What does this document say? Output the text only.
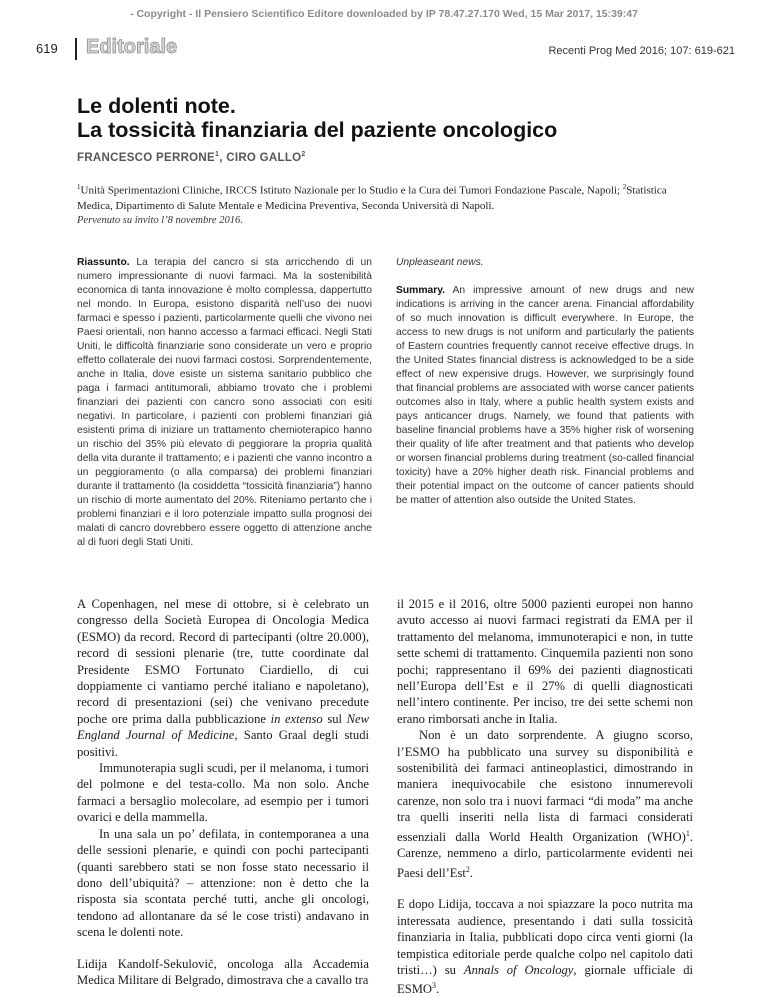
- Copyright - Il Pensiero Scientifico Editore downloaded by IP 78.47.27.170 Wed, 15 Mar 2017, 15:39:47
619 Editoriale	Recenti Prog Med 2016; 107: 619-621
Le dolenti note.
La tossicità finanziaria del paziente oncologico
FRANCESCO PERRONE$^1$, CIRO GALLO$^2$
$^1$Unità Sperimentazioni Cliniche, IRCCS Istituto Nazionale per lo Studio e la Cura dei Tumori Fondazione Pascale, Napoli; $^2$Statistica Medica, Dipartimento di Salute Mentale e Medicina Preventiva, Seconda Università di Napoli.
Pervenuto su invito l’8 novembre 2016.
Riassunto. La terapia del cancro si sta arricchendo di un numero impressionante di nuovi farmaci. Ma la sostenibilità economica di tanta innovazione è molto complessa, dappertutto nel mondo. In Europa, esistono disparità nell’uso dei nuovi farmaci e spesso i pazienti, particolarmente quelli che vivono nei Paesi orientali, non hanno accesso a farmaci efficaci. Negli Stati Uniti, le difficoltà finanziarie sono considerate un vero e proprio effetto collaterale dei nuovi farmaci costosi. Sorprendentemente, anche in Italia, dove esiste un sistema sanitario pubblico che paga i farmaci antitumorali, abbiamo trovato che i problemi finanziari dei pazienti con cancro sono associati con esiti negativi. In particolare, i pazienti con problemi finanziari già esistenti prima di iniziare un trattamento chemioterapico hanno un rischio del 35% più elevato di peggiorare la propria qualità della vita durante il trattamento; e i pazienti che vanno incontro a un peggioramento (o alla comparsa) dei problemi finanziari durante il trattamento (la cosiddetta “tossicità finanziaria”) hanno un rischio di morte aumentato del 20%. Riteniamo pertanto che i problemi finanziari e il loro potenziale impatto sulla prognosi dei malati di cancro dovrebbero essere oggetto di attenzione anche al di fuori degli Stati Uniti.
Unpleaseant news.
Summary. An impressive amount of new drugs and new indications is arriving in the cancer arena. Financial affordability of so much innovation is difficult everywhere. In Europe, the access to new drugs is not uniform and particularly the patients of Eastern countries frequently cannot receive effective drugs. In the United States financial distress is acknowledged to be a side effect of new expensive drugs. However, we surprisingly found that financial problems are associated with worse cancer patients outcomes also in Italy, where a public health system exists and pays anticancer drugs. Namely, we found that patients with baseline financial problems have a 35% higher risk of worsening their quality of life after treatment and that patients who develop or worsen financial problems during treatment (so-called financial toxicity) have a 20% higher death risk. Financial problems and their potential impact on the outcome of cancer patients should be matter of attention also outside the United States.

A Copenhagen, nel mese di ottobre, si è celebrato un congresso della Società Europea di Oncologia Medica (ESMO) da record. Record di partecipanti (oltre 20.000), record di sessioni plenarie (tre, tutte coordinate dal Presidente ESMO Fortunato Ciardiello, di cui doppiamente ci vantiamo perché italiano e napoletano), record di presentazioni (sei) che venivano precedute poche ore prima dalla pubblicazione in extenso sul New England Journal of Medicine, Santo Graal degli studi positivi.

Immunoterapia sugli scudi, per il melanoma, i tumori del polmone e del testa-collo. Ma non solo. Anche farmaci a bersaglio molecolare, ad esempio per i tumori ovarici e della mammella.

In una sala un po’ defilata, in contemporanea a una delle sessioni plenarie, e quindi con pochi partecipanti (quanti sarebbero stati se non fosse stato necessario il dono dell’ubiquità? – attenzione: non è detto che la risposta sia scontata perché tutti, anche gli oncologi, tendono ad allontanare da sé le cose tristi) andavano in scena le dolenti note.

Lidija Kandolf-Sekulovič, oncologa alla Accademia Medica Militare di Belgrado, dimostrava che a cavallo tra

il 2015 e il 2016, oltre 5000 pazienti europei non hanno avuto accesso ai nuovi farmaci registrati da EMA per il trattamento del melanoma, immunoterapici e non, in tutte sette schemi di trattamento. Cinquemila pazienti non sono pochi; rappresentano il 69% dei pazienti diagnosticati nell’Europa dell’Est e il 27% di quelli diagnosticati nell’intero continente. Per inciso, tre dei sette schemi non erano rimborsati anche in Italia.

Non è un dato sorprendente. A giugno scorso, l’ESMO ha pubblicato una survey su disponibilità e sostenibilità dei farmaci antineoplastici, dimostrando in maniera inequivocabile che esistono innumerevoli carenze, non solo tra i nuovi farmaci “di moda” ma anche tra quelli inseriti nella lista di farmaci considerati essenziali dalla World Health Organization (WHO)$^1$. Carenze, nemmeno a dirlo, particolarmente evidenti nei Paesi dell’Est$^2$.

E dopo Lidija, toccava a noi spiazzare la poco nutrita ma interessata audience, presentando i dati sulla tossicità finanziaria in Italia, pubblicati dopo circa venti giorni (la tempistica editoriale perde qualche colpo nel capitolo dati tristi…) su Annals of Oncology, giornale ufficiale di ESMO$^3$.
